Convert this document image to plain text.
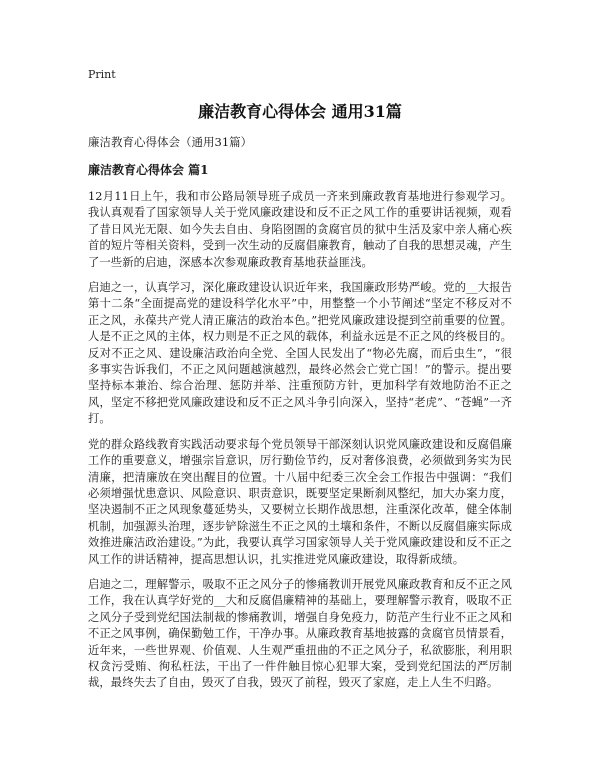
Print

廉洁教育心得体会 通用31篇

廉洁教育心得体会（通用31篇）

廉洁教育心得体会 篇1

12月11日上午，我和市公路局领导班子成员一齐来到廉政教育基地进行参观学习。我认真观看了国家领导人关于党风廉政建设和反不正之风工作的重要讲话视频，观看了昔日风光无限、如今失去自由、身陷囹圄的贪腐官员的狱中生活及家中亲人痛心疾首的短片等相关资料，受到一次生动的反腐倡廉教育，触动了自我的思想灵魂，产生了一些新的启迪，深感本次参观廉政教育基地获益匪浅。

启迪之一，认真学习，深化廉政建设认识近年来，我国廉政形势严峻。党的__大报告第十二条“全面提高党的建设科学化水平”中，用整整一个小节阐述“坚定不移反对不正之风，永葆共产党人清正廉洁的政治本色。”把党风廉政建设提到空前重要的位置。人是不正之风的主体，权力则是不正之风的载体，利益永远是不正之风的终极目的。反对不正之风、建设廉洁政治向全党、全国人民发出了“物必先腐，而后虫生”，“很多事实告诉我们，不正之风问题越演越烈，最终必然会亡党亡国！”的警示。提出要坚持标本兼治、综合治理、惩防并举、注重预防方针，更加科学有效地防治不正之风，坚定不移把党风廉政建设和反不正之风斗争引向深入，坚持“老虎”、“苍蝇”一齐打。

党的群众路线教育实践活动要求每个党员领导干部深刻认识党风廉政建设和反腐倡廉工作的重要意义，增强宗旨意识，厉行勤俭节约，反对奢侈浪费，必须做到务实为民清廉，把清廉放在突出醒目的位置。十八届中纪委三次全会工作报告中强调：“我们必须增强忧患意识、风险意识、职责意识，既要坚定果断刹风整纪，加大办案力度，坚决遏制不正之风现象蔓延势头，又要树立长期作战思想，注重深化改革，健全体制机制，加强源头治理，逐步铲除滋生不正之风的土壤和条件，不断以反腐倡廉实际成效推进廉洁政治建设。”为此，我要认真学习国家领导人关于党风廉政建设和反不正之风工作的讲话精神，提高思想认识，扎实推进党风廉政建设，取得新成绩。

启迪之二，理解警示，吸取不正之风分子的惨痛教训开展党风廉政教育和反不正之风工作，我在认真学好党的__大和反腐倡廉精神的基础上，要理解警示教育，吸取不正之风分子受到党纪国法制裁的惨痛教训，增强自身免疫力，防范产生行业不正之风和不正之风事例，确保勤勉工作，干净办事。从廉政教育基地披露的贪腐官员情景看，近年来，一些世界观、价值观、人生观严重扭曲的不正之风分子，私欲膨胀，利用职权贪污受贿、徇私枉法，干出了一件件触目惊心犯罪大案，受到党纪国法的严厉制裁，最终失去了自由，毁灭了自我，毁灭了前程，毁灭了家庭，走上人生不归路。
